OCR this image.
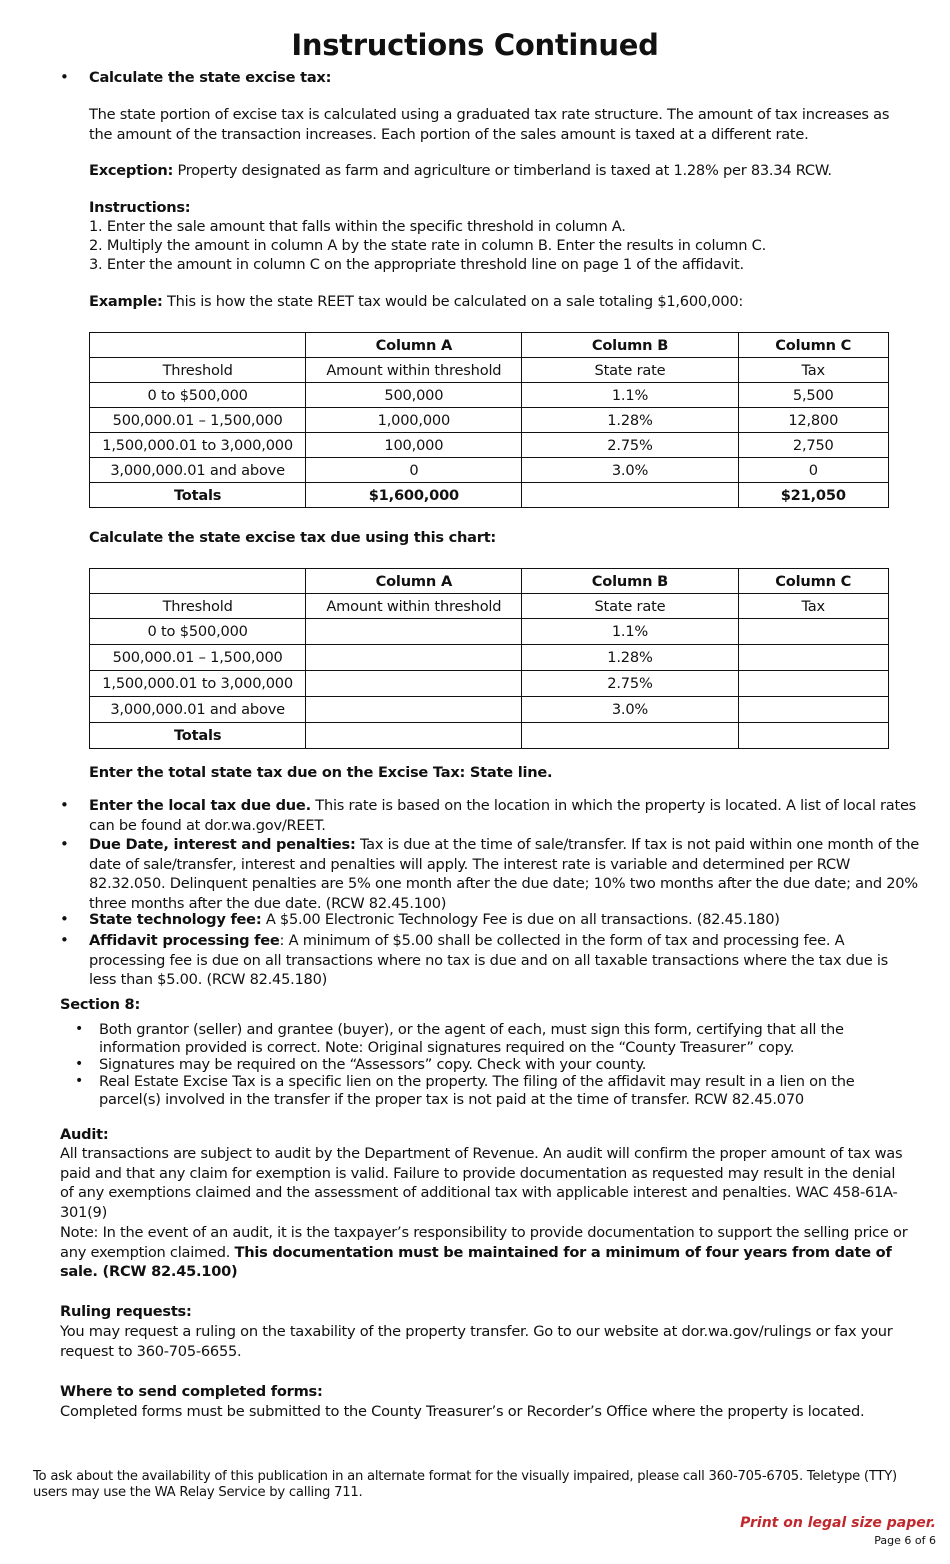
Instructions Continued
• Calculate the state excise tax:
The state portion of excise tax is calculated using a graduated tax rate structure. The amount of tax increases as the amount of the transaction increases. Each portion of the sales amount is taxed at a different rate.
Exception: Property designated as farm and agriculture or timberland is taxed at 1.28% per 83.34 RCW.
Instructions:
1. Enter the sale amount that falls within the specific threshold in column A.
2. Multiply the amount in column A by the state rate in column B. Enter the results in column C.
3. Enter the amount in column C on the appropriate threshold line on page 1 of the affidavit.
Example: This is how the state REET tax would be calculated on a sale totaling $1,600,000:
	Column A	Column B	Column C
Threshold	Amount within threshold	State rate	Tax
0 to $500,000	500,000	1.1%	5,500
500,000.01 – 1,500,000	1,000,000	1.28%	12,800
1,500,000.01 to 3,000,000	100,000	2.75%	2,750
3,000,000.01 and above	0	3.0%	0
Totals	$1,600,000		$21,050
Calculate the state excise tax due using this chart:
	Column A	Column B	Column C
Threshold	Amount within threshold	State rate	Tax
0 to $500,000		1.1%	
500,000.01 – 1,500,000		1.28%	
1,500,000.01 to 3,000,000		2.75%	
3,000,000.01 and above		3.0%	
Totals			
Enter the total state tax due on the Excise Tax: State line.
• Enter the local tax due due. This rate is based on the location in which the property is located. A list of local rates can be found at dor.wa.gov/REET.
• Due Date, interest and penalties: Tax is due at the time of sale/transfer. If tax is not paid within one month of the date of sale/transfer, interest and penalties will apply. The interest rate is variable and determined per RCW 82.32.050. Delinquent penalties are 5% one month after the due date; 10% two months after the due date; and 20% three months after the due date. (RCW 82.45.100)
• State technology fee: A $5.00 Electronic Technology Fee is due on all transactions. (82.45.180)
• Affidavit processing fee: A minimum of $5.00 shall be collected in the form of tax and processing fee. A processing fee is due on all transactions where no tax is due and on all taxable transactions where the tax due is less than $5.00. (RCW 82.45.180)
Section 8:
• Both grantor (seller) and grantee (buyer), or the agent of each, must sign this form, certifying that all the information provided is correct. Note: Original signatures required on the “County Treasurer” copy.
• Signatures may be required on the “Assessors” copy. Check with your county.
• Real Estate Excise Tax is a specific lien on the property. The filing of the affidavit may result in a lien on the parcel(s) involved in the transfer if the proper tax is not paid at the time of transfer. RCW 82.45.070
Audit:
All transactions are subject to audit by the Department of Revenue. An audit will confirm the proper amount of tax was paid and that any claim for exemption is valid. Failure to provide documentation as requested may result in the denial of any exemptions claimed and the assessment of additional tax with applicable interest and penalties. WAC 458-61A-301(9)
Note: In the event of an audit, it is the taxpayer’s responsibility to provide documentation to support the selling price or any exemption claimed. This documentation must be maintained for a minimum of four years from date of sale. (RCW 82.45.100)
Ruling requests:
You may request a ruling on the taxability of the property transfer. Go to our website at dor.wa.gov/rulings or fax your request to 360-705-6655.
Where to send completed forms:
Completed forms must be submitted to the County Treasurer’s or Recorder’s Office where the property is located.
To ask about the availability of this publication in an alternate format for the visually impaired, please call 360-705-6705. Teletype (TTY) users may use the WA Relay Service by calling 711.
Print on legal size paper.
Page 6 of 6
